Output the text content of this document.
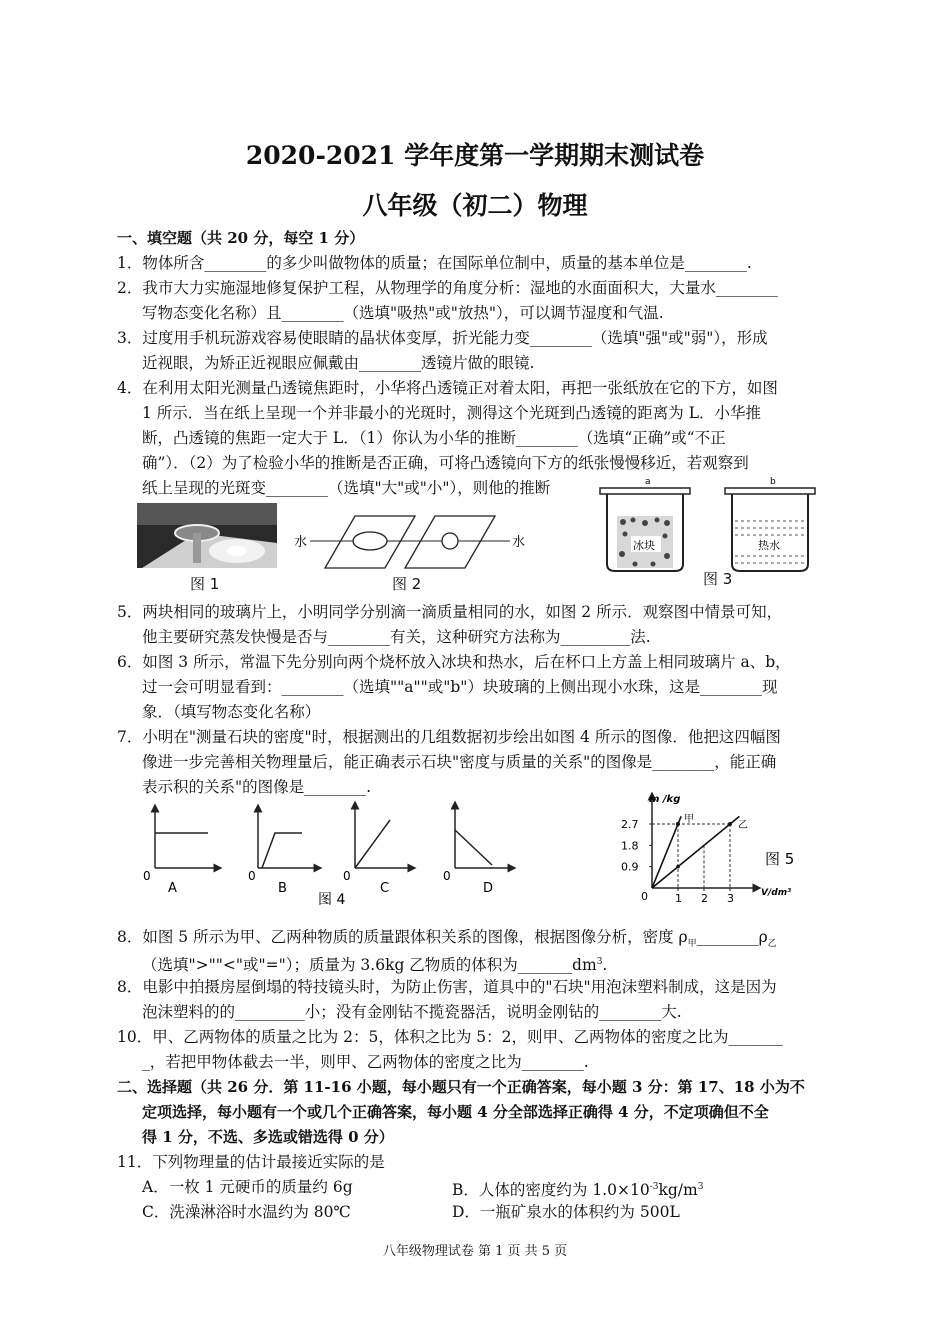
2020-2021 学年度第一学期期末测试卷
八年级（初二）物理
一、填空题（共 20 分，每空 1 分）
1．物体所含________的多少叫做物体的质量；在国际单位制中，质量的基本单位是________.
2．我市大力实施湿地修复保护工程，从物理学的角度分析：湿地的水面面积大，大量水________
写物态变化名称）且________（选填"吸热"或"放热"），可以调节湿度和气温.
3．过度用手机玩游戏容易使眼睛的晶状体变厚，折光能力变________（选填"强"或"弱"），形成
近视眼，为矫正近视眼应佩戴由________透镜片做的眼镜.
4．在利用太阳光测量凸透镜焦距时，小华将凸透镜正对着太阳，再把一张纸放在它的下方，如图
1 所示．当在纸上呈现一个并非最小的光斑时，测得这个光斑到凸透镜的距离为 L．小华推
断，凸透镜的焦距一定大于 L．（1）你认为小华的推断________（选填“正确”或“不正
确”）．（2）为了检验小华的推断是否正确，可将凸透镜向下方的纸张慢慢移近，若观察到
纸上呈现的光斑变________（选填"大"或"小"），则他的推断
图 1
水	水
图 2
a	b
冰块	热水
图 3
5．两块相同的玻璃片上，小明同学分别滴一滴质量相同的水，如图 2 所示．观察图中情景可知，
他主要研究蒸发快慢是否与________有关，这种研究方法称为_________法.
6．如图 3 所示，常温下先分别向两个烧杯放入冰块和热水，后在杯口上方盖上相同玻璃片 a、b，
过一会可明显看到：________（选填""a""或"b"）块玻璃的上侧出现小水珠，这是________现
象．（填写物态变化名称）
7．小明在"测量石块的密度"时，根据测出的几组数据初步绘出如图 4 所示的图像．他把这四幅图
像进一步完善相关物理量后，能正确表示石块"密度与质量的关系"的图像是________，能正确
表示积的关系"的图像是________.
0
A
0
B
0
C
0
D
图 4
m /kg
V/dm³
0
图 5
2.7
1.8
0.9
1 2 3
甲
乙
8．如图 5 所示为甲、乙两种物质的质量跟体积关系的图像，根据图像分析，密度 $\rho_甲\_\_\_\_\_\_\_\_\rho_乙$
（选填">""<"或"="）；质量为 3.6kg 乙物质的体积为$\_\_\_\_\_\_\_dm^3$.
8．电影中拍摄房屋倒塌的特技镜头时，为防止伤害，道具中的"石块"用泡沫塑料制成，这是因为
泡沫塑料的的_________小；没有金刚钻不揽瓷器活，说明金刚钻的________大.
10．甲、乙两物体的质量之比为 2：5，体积之比为 5：2，则甲、乙两物体的密度之比为_______
_，若把甲物体截去一半，则甲、乙两物体的密度之比为________.
二、选择题（共 26 分．第 11-16 小题，每小题只有一个正确答案，每小题 3 分：第 17、18 小为不
定项选择，每小题有一个或几个正确答案，每小题 4 分全部选择正确得 4 分，不定项确但不全
得 1 分，不选、多选或错选得 0 分）
11．下列物理量的估计最接近实际的是
A．一枚 1 元硬币的质量约 6g	B．人体的密度约为 $1.0\times 10^{-3}kg/m^3$
C．洗澡淋浴时水温约为 80℃	D．一瓶矿泉水的体积约为 500L
八年级物理试卷 第 1 页 共 5 页
